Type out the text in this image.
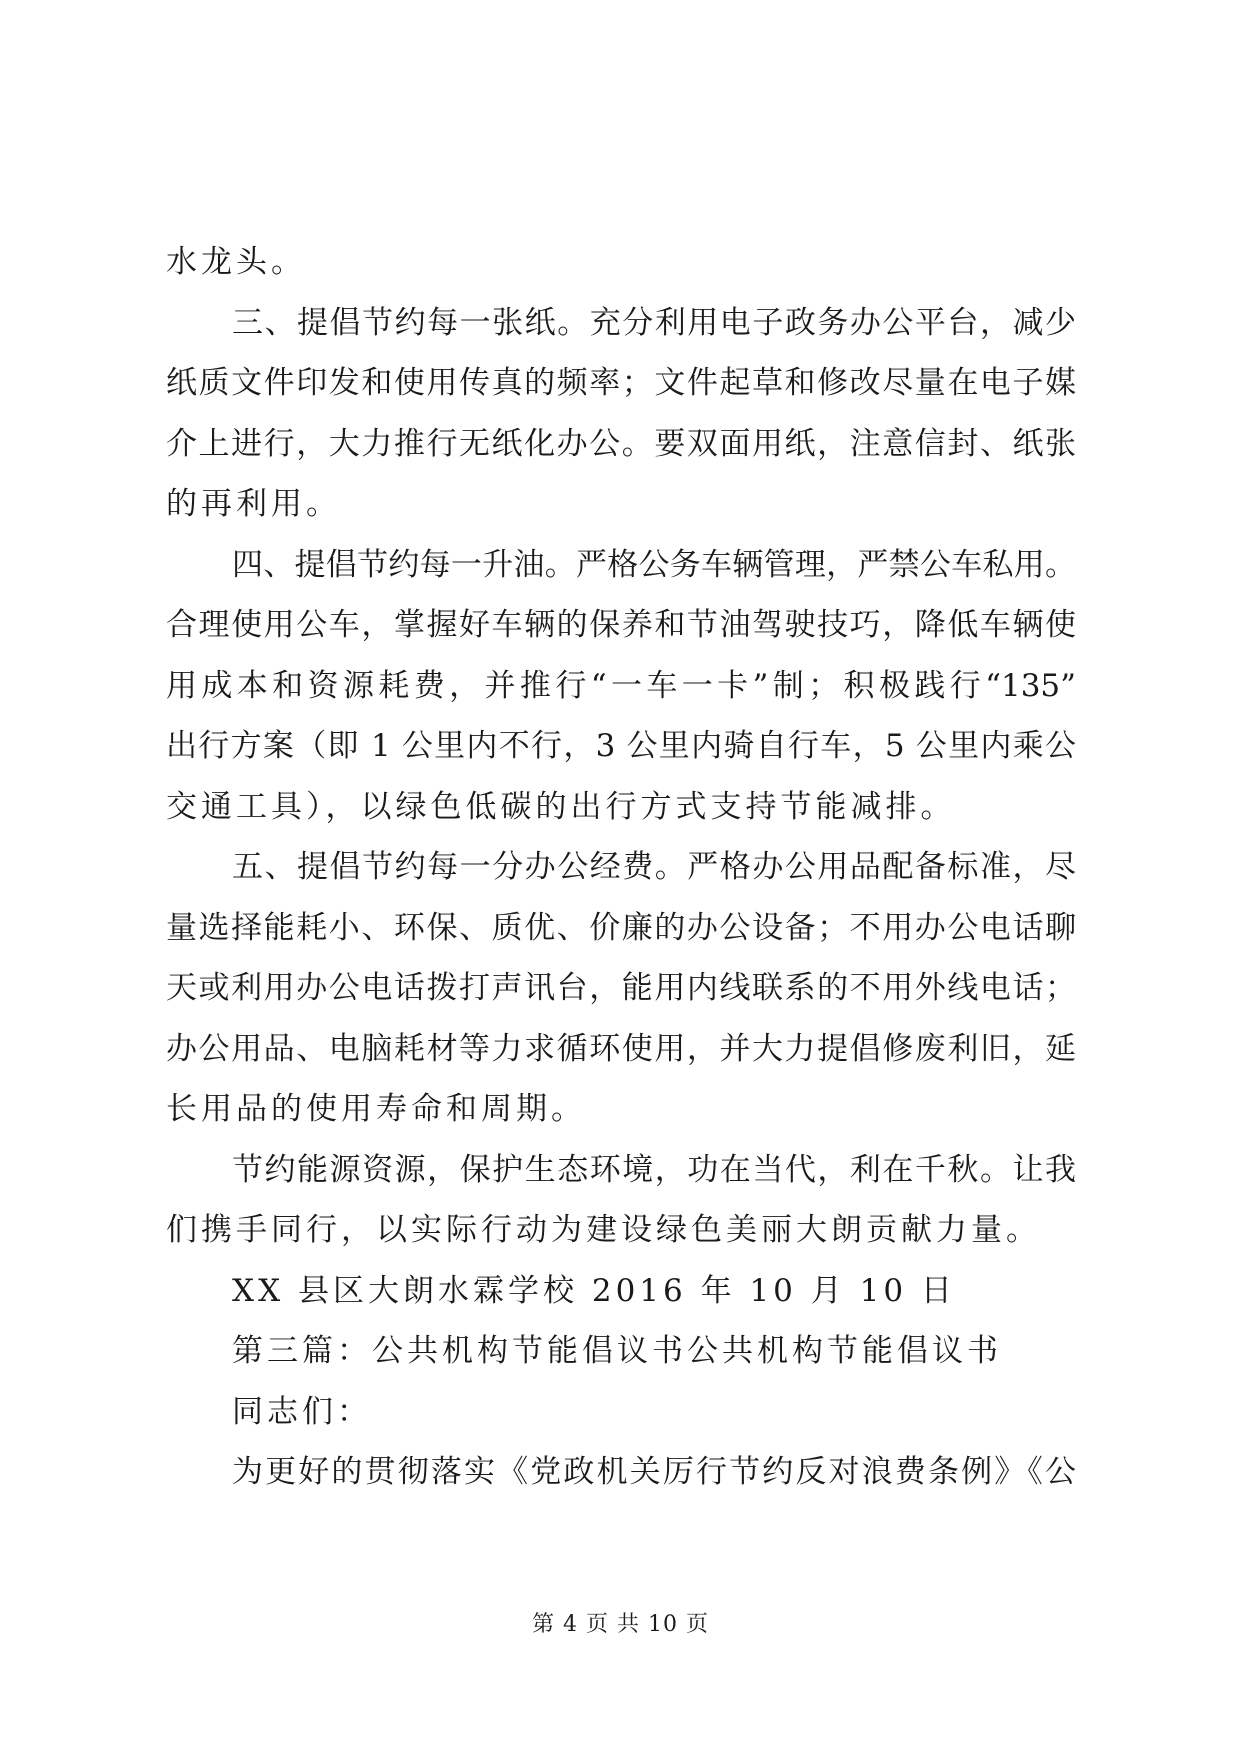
水龙头。
三、提倡节约每一张纸。充分利用电子政务办公平台，减少
纸质文件印发和使用传真的频率；文件起草和修改尽量在电子媒
介上进行，大力推行无纸化办公。要双面用纸，注意信封、纸张
的再利用。
四、提倡节约每一升油。严格公务车辆管理，严禁公车私用。
合理使用公车，掌握好车辆的保养和节油驾驶技巧，降低车辆使
用成本和资源耗费，并推行“一车一卡”制；积极践行“135”
出行方案（即 1 公里内不行，3 公里内骑自行车，5 公里内乘公
交通工具），以绿色低碳的出行方式支持节能减排。
五、提倡节约每一分办公经费。严格办公用品配备标准，尽
量选择能耗小、环保、质优、价廉的办公设备；不用办公电话聊
天或利用办公电话拨打声讯台，能用内线联系的不用外线电话；
办公用品、电脑耗材等力求循环使用，并大力提倡修废利旧，延
长用品的使用寿命和周期。
节约能源资源，保护生态环境，功在当代，利在千秋。让我
们携手同行，以实际行动为建设绿色美丽大朗贡献力量。
XX 县区大朗水霖学校 2016 年 10 月 10 日
第三篇：公共机构节能倡议书公共机构节能倡议书
同志们：
为更好的贯彻落实《党政机关厉行节约反对浪费条例》《公
第 4 页 共 10 页
